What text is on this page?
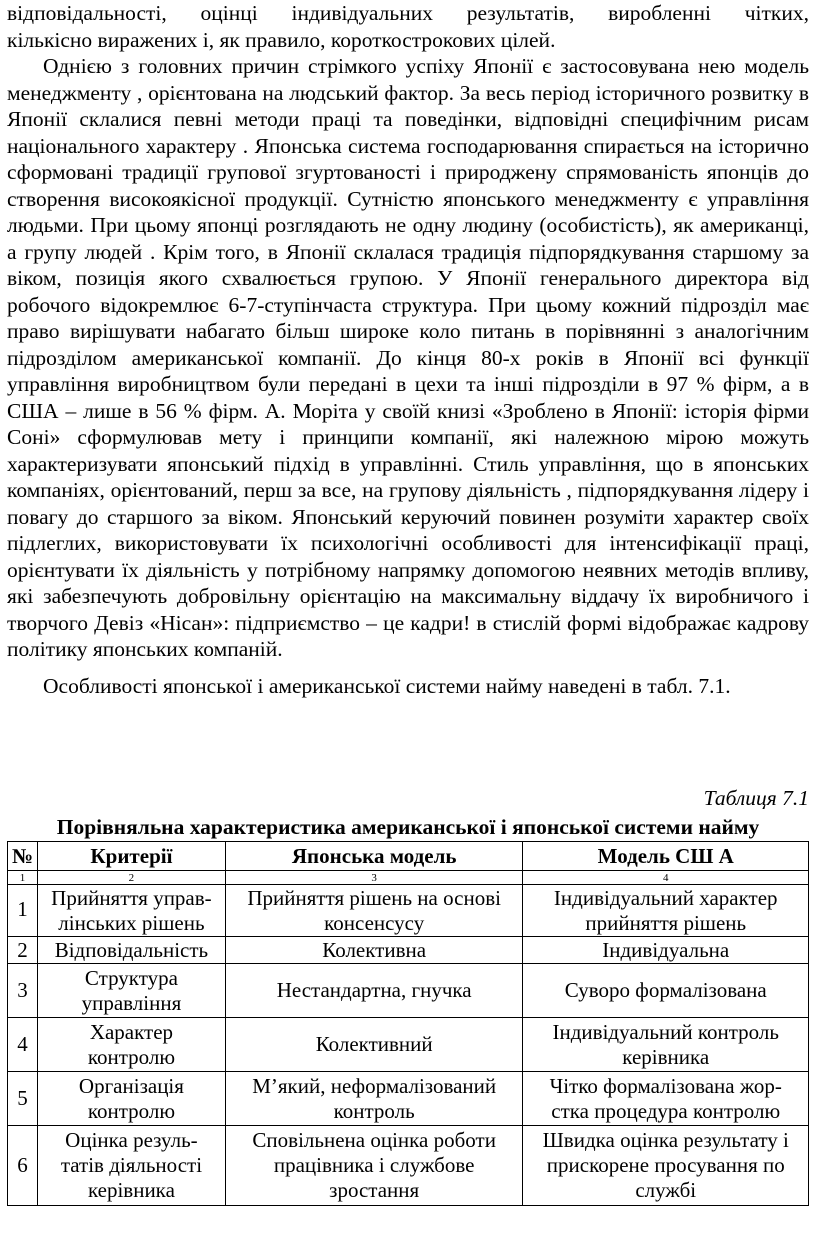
відповідальності, оцінці індивідуальних результатів, виробленні чітких,

кількісно виражених і, як правило, короткострокових цілей.

Однією з головних причин стрімкого успіху Японії є застосовувана нею модель менеджменту , орієнтована на людський фактор. За весь період історичного розвитку в Японії склалися певні методи праці та поведінки, відповідні специфічним рисам національного характеру . Японська система господарювання спирається на історично сформовані традиції групової згуртованості і природжену спрямованість японців до створення високоякісної продукції. Сутністю японського менеджменту є управління людьми. При цьому японці розглядають не одну людину (особистість), як американці, а групу людей . Крім того, в Японії склалася традиція підпорядкування старшому за віком, позиція якого схвалюється групою. У Японії генерального директора від робочого відокремлює 6-7-ступінчаста структура. При цьому кожний підрозділ має право вирішувати набагато більш широке коло питань в порівнянні з аналогічним підрозділом американської компанії. До кінця 80-х років в Японії всі функції управління виробництвом були передані в цехи та інші підрозділи в 97 % фірм, а в США – лише в 56 % фірм. А. Моріта у своїй книзі «Зроблено в Японії: історія фірми Соні» сформулював мету і принципи компанії, які належною мірою можуть характеризувати японський підхід в управлінні. Стиль управління, що в японських компаніях, орієнтований, перш за все, на групову діяльність , підпорядкування лідеру і повагу до старшого за віком. Японський керуючий повинен розуміти характер своїх підлеглих, використовувати їх психологічні особливості для інтенсифікації праці, орієнтувати їх діяльність у потрібному напрямку допомогою неявних методів впливу, які забезпечують добровільну орієнтацію на максимальну віддачу їх виробничого і творчого Девіз «Нісан»: підприємство – це кадри! в стислій формі відображає кадрову політику японських компаній.

Особливості японської і американської системи найму наведені в табл. 7.1.

Таблиця 7.1

Порівняльна характеристика американської і японської системи найму

№	Критерії	Японська модель	Модель СШ А
1	2	3	4
1	Прийняття управ-лінських рішень	Прийняття рішень на основі консенсусу	Індивідуальний характер прийняття рішень
2	Відповідальність	Колективна	Індивідуальна
3	Структура управління	Нестандартна, гнучка	Суворо формалізована
4	Характер контролю	Колективний	Індивідуальний контроль керівника
5	Організація контролю	М’який, неформалізований контроль	Чітко формалізована жор-стка процедура контролю
6	Оцінка резуль-татів діяльності керівника	Сповільнена оцінка роботи працівника і службове зростання	Швидка оцінка результату і прискорене просування по службі
